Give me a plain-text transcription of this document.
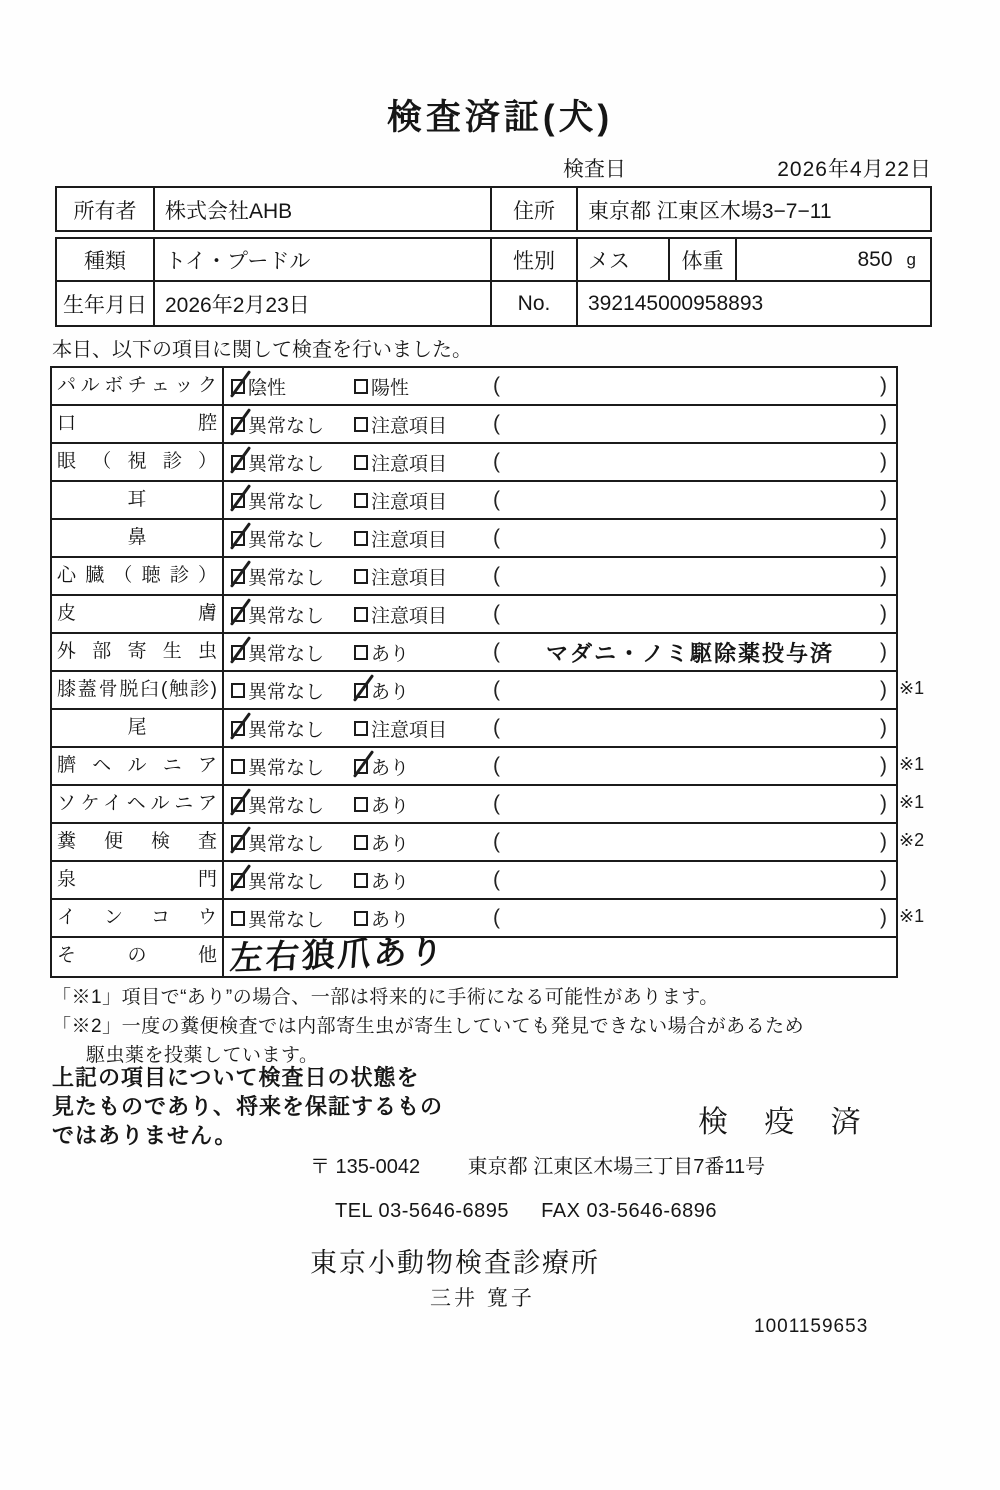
検査済証(犬)
検査日	2026年4月22日
所有者	株式会社AHB	住所	東京都 江東区木場3−7−11
種類	トイ・プードル	性別	メス	体重	850 g
生年月日 2026年2月23日	No.	392145000958893
本日、以下の項目に関して検査を行いました。
パルボチェック	陰性	陽性	(	)
口腔	異常なし 注意項目 (	)
眼（視診）	異常なし 注意項目 (	)
耳	異常なし 注意項目 (	)
鼻	異常なし 注意項目 (	)
心臓（聴診）	異常なし 注意項目 (	)
皮膚	異常なし 注意項目 (	)
外部寄生虫	異常なし あり	(	マダニ・ノミ駆除薬投与済	)
膝蓋骨脱臼(触診)	異常なし あり	(	) ※1
尾	異常なし 注意項目 (	)
臍ヘルニア	異常なし あり	(	) ※1
ソケイヘルニア	異常なし あり	(	) ※1
糞便検査	異常なし あり	(	) ※2
泉門	異常なし あり	(	)
インコウ	異常なし あり	(	) ※1
その他 左右狼爪あり
「※1」項目で“あり”の場合、一部は将来的に手術になる可能性があります。
「※2」一度の糞便検査では内部寄生虫が寄生していても発見できない場合があるため
駆虫薬を投薬しています。
上記の項目について検査日の状態を
見たものであり、将来を保証するもの
ではありません。	検 疫 済
〒 135-0042 東京都 江東区木場三丁目7番11号
TEL 03-5646-6895 FAX 03-5646-6896
東京小動物検査診療所
三井 寛子
1001159653
